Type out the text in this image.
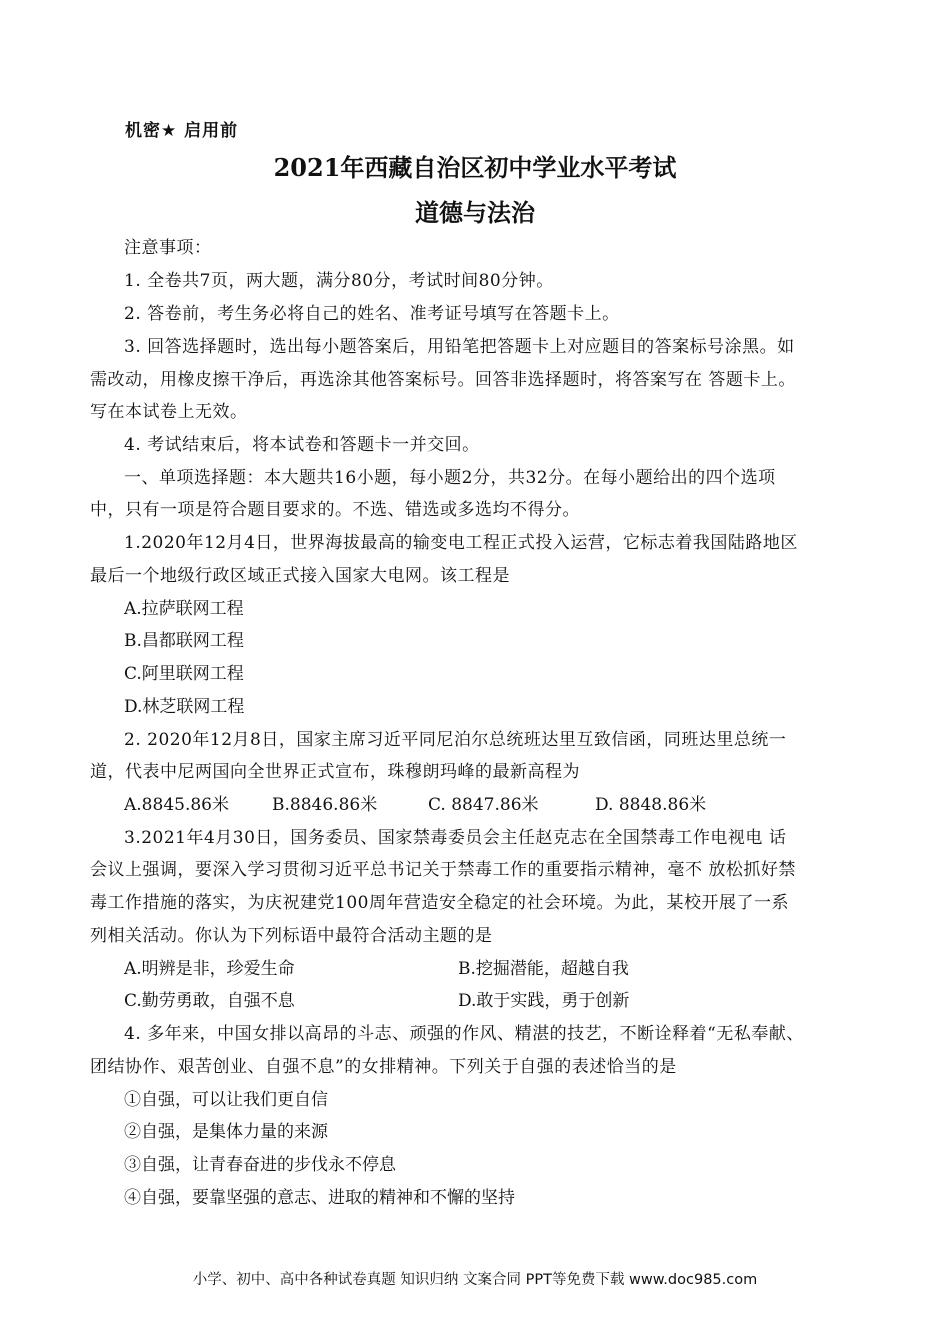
机密★ 启用前
2021年西藏自治区初中学业水平考试
道德与法治
注意事项：
1. 全卷共7页，两大题，满分80分，考试时间80分钟。
2. 答卷前，考生务必将自己的姓名、准考证号填写在答题卡上。
3. 回答选择题时，选出每小题答案后，用铅笔把答题卡上对应题目的答案标号涂黑。如
需改动，用橡皮擦干净后，再选涂其他答案标号。回答非选择题时，将答案写在 答题卡上。
写在本试卷上无效。
4. 考试结束后，将本试卷和答题卡一并交回。
一、单项选择题：本大题共16小题，每小题2分，共32分。在每小题给出的四个选项
中，只有一项是符合题目要求的。不选、错选或多选均不得分。
1.2020年12月4日，世界海拔最高的输变电工程正式投入运营，它标志着我国陆路地区
最后一个地级行政区域正式接入国家大电网。该工程是
A.拉萨联网工程
B.昌都联网工程
C.阿里联网工程
D.林芝联网工程
2. 2020年12月8日，国家主席习近平同尼泊尔总统班达里互致信函，同班达里总统一
道，代表中尼两国向全世界正式宣布，珠穆朗玛峰的最新高程为
A.8845.86米	B.8846.86米	C. 8847.86米	D. 8848.86米
3.2021年4月30日，国务委员、国家禁毒委员会主任赵克志在全国禁毒工作电视电 话
会议上强调，要深入学习贯彻习近平总书记关于禁毒工作的重要指示精神，毫不 放松抓好禁
毒工作措施的落实，为庆祝建党100周年营造安全稳定的社会环境。为此，某校开展了一系
列相关活动。你认为下列标语中最符合活动主题的是
A.明辨是非，珍爱生命	B.挖掘潜能，超越自我
C.勤劳勇敢，自强不息	D.敢于实践，勇于创新
4. 多年来，中国女排以高昂的斗志、顽强的作风、精湛的技艺，不断诠释着“无私奉献、
团结协作、艰苦创业、自强不息”的女排精神。下列关于自强的表述恰当的是
①自强，可以让我们更自信
②自强，是集体力量的来源
③自强，让青春奋进的步伐永不停息
④自强，要靠坚强的意志、进取的精神和不懈的坚持
小学、初中、高中各种试卷真题 知识归纳 文案合同 PPT等免费下载 www.doc985.com
